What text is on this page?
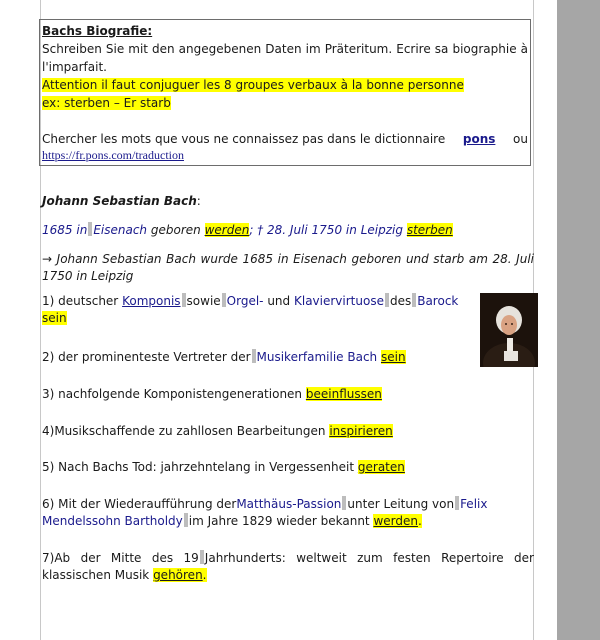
Bachs Biografie:
Schreiben Sie mit den angegebenen Daten im Präteritum. Ecrire sa biographie à l'imparfait.
Attention il faut conjuguer les 8 groupes verbaux à la bonne personne
ex: sterben – Er starb
Chercher les mots que vous ne connaissez pas dans le dictionnaire pons ou
https://fr.pons.com/traduction
Johann Sebastian Bach:
1685 in Eisenach geboren werden; † 28. Juli 1750 in Leipzig sterben
→ Johann Sebastian Bach wurde 1685 in Eisenach geboren und starb am 28. Juli 1750 in Leipzig
1) deutscher Komponis sowie Orgel- und Klaviervirtuose des Barock
sein
2) der prominenteste Vertreter der Musikerfamilie Bach sein
3) nachfolgende Komponistengenerationen beeinflussen
4)Musikschaffende zu zahllosen Bearbeitungen inspirieren
5) Nach Bachs Tod: jahrzehntelang in Vergessenheit geraten
6) Mit der Wiederaufführung derMatthäus-Passion unter Leitung von Felix Mendelssohn Bartholdy im Jahre 1829 wieder bekannt werden.
7)Ab der Mitte des 19 Jahrhunderts: weltweit zum festen Repertoire der klassischen Musik gehören.
